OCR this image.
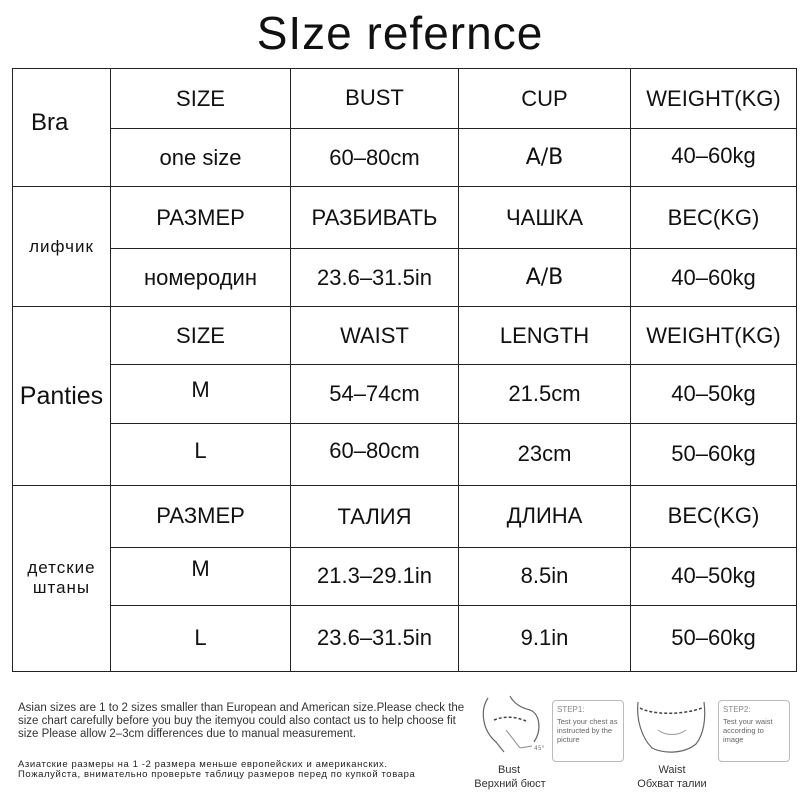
SIze refernce
Bra	SIZE	BUST	CUP	WEIGHT(KG)
	one size	60–80cm	A/B	40–60kg
лифчик	РАЗМЕР	РАЗБИВАТЬ	ЧАШКА	ВЕС(KG)
	номеродин	23.6–31.5in	A/B	40–60kg
Panties	SIZE	WAIST	LENGTH	WEIGHT(KG)
	M	54–74cm	21.5cm	40–50kg
	L	60–80cm	23cm	50–60kg

детские
штаны	РАЗМЕР	ТАЛИЯ	ДЛИНА	ВЕС(KG)
	M	21.3–29.1in	8.5in	40–50kg
	L	23.6–31.5in	9.1in	50–60kg
Asian sizes are 1 to 2 sizes smaller than European and American size.Please check the size chart carefully before you buy the itemyou could also contact us to help choose fit size Please allow 2–3cm differences due to manual measurement.
Азиатские размеры на 1 -2 размера меньше европейских и американских. Пожалуйста, внимательно проверьте таблицу размеров перед по купкой товара
45°
Bust
Верхний бюст
STEP1:
Test your chest as instructed by the picture
Waist
Обхват талии
STEP2:
Test your waist according to image
